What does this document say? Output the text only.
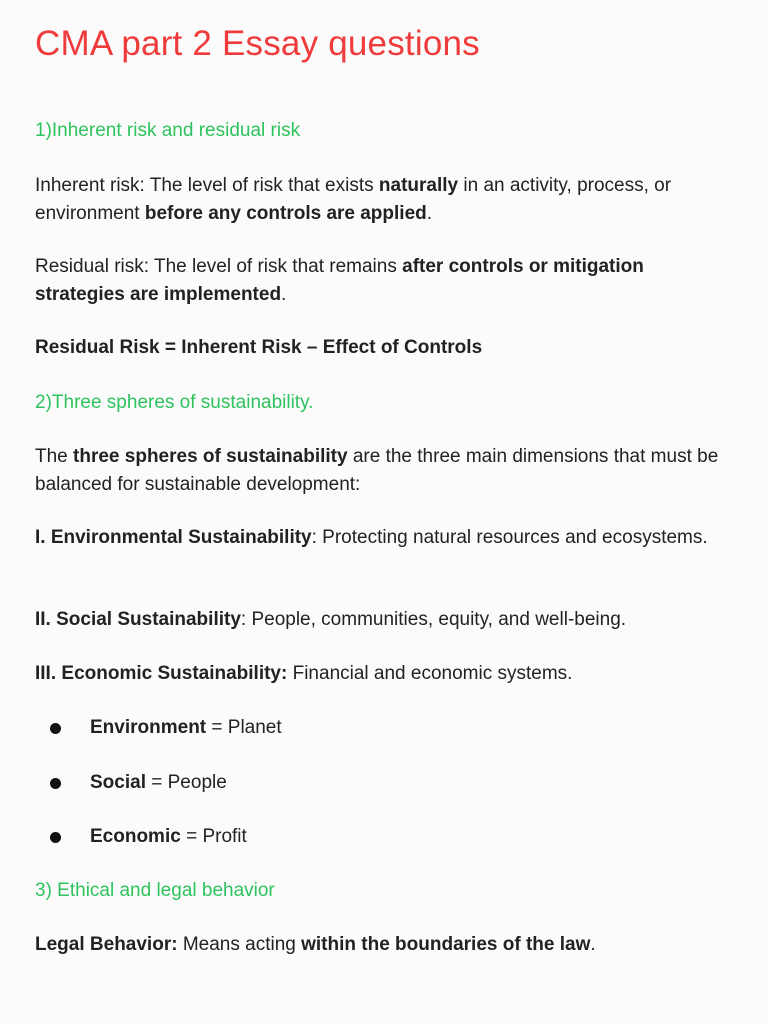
CMA part 2 Essay questions
1)Inherent risk and residual risk

Inherent risk: The level of risk that exists naturally in an activity, process, or environment before any controls are applied.

Residual risk: The level of risk that remains after controls or mitigation strategies are implemented.

Residual Risk = Inherent Risk – Effect of Controls

2)Three spheres of sustainability.

The three spheres of sustainability are the three main dimensions that must be balanced for sustainable development:

I. Environmental Sustainability: Protecting natural resources and ecosystems.

II. Social Sustainability: People, communities, equity, and well-being.

III. Economic Sustainability: Financial and economic systems.

Environment = Planet
Social = People
Economic = Profit
3) Ethical and legal behavior

Legal Behavior: Means acting within the boundaries of the law.
